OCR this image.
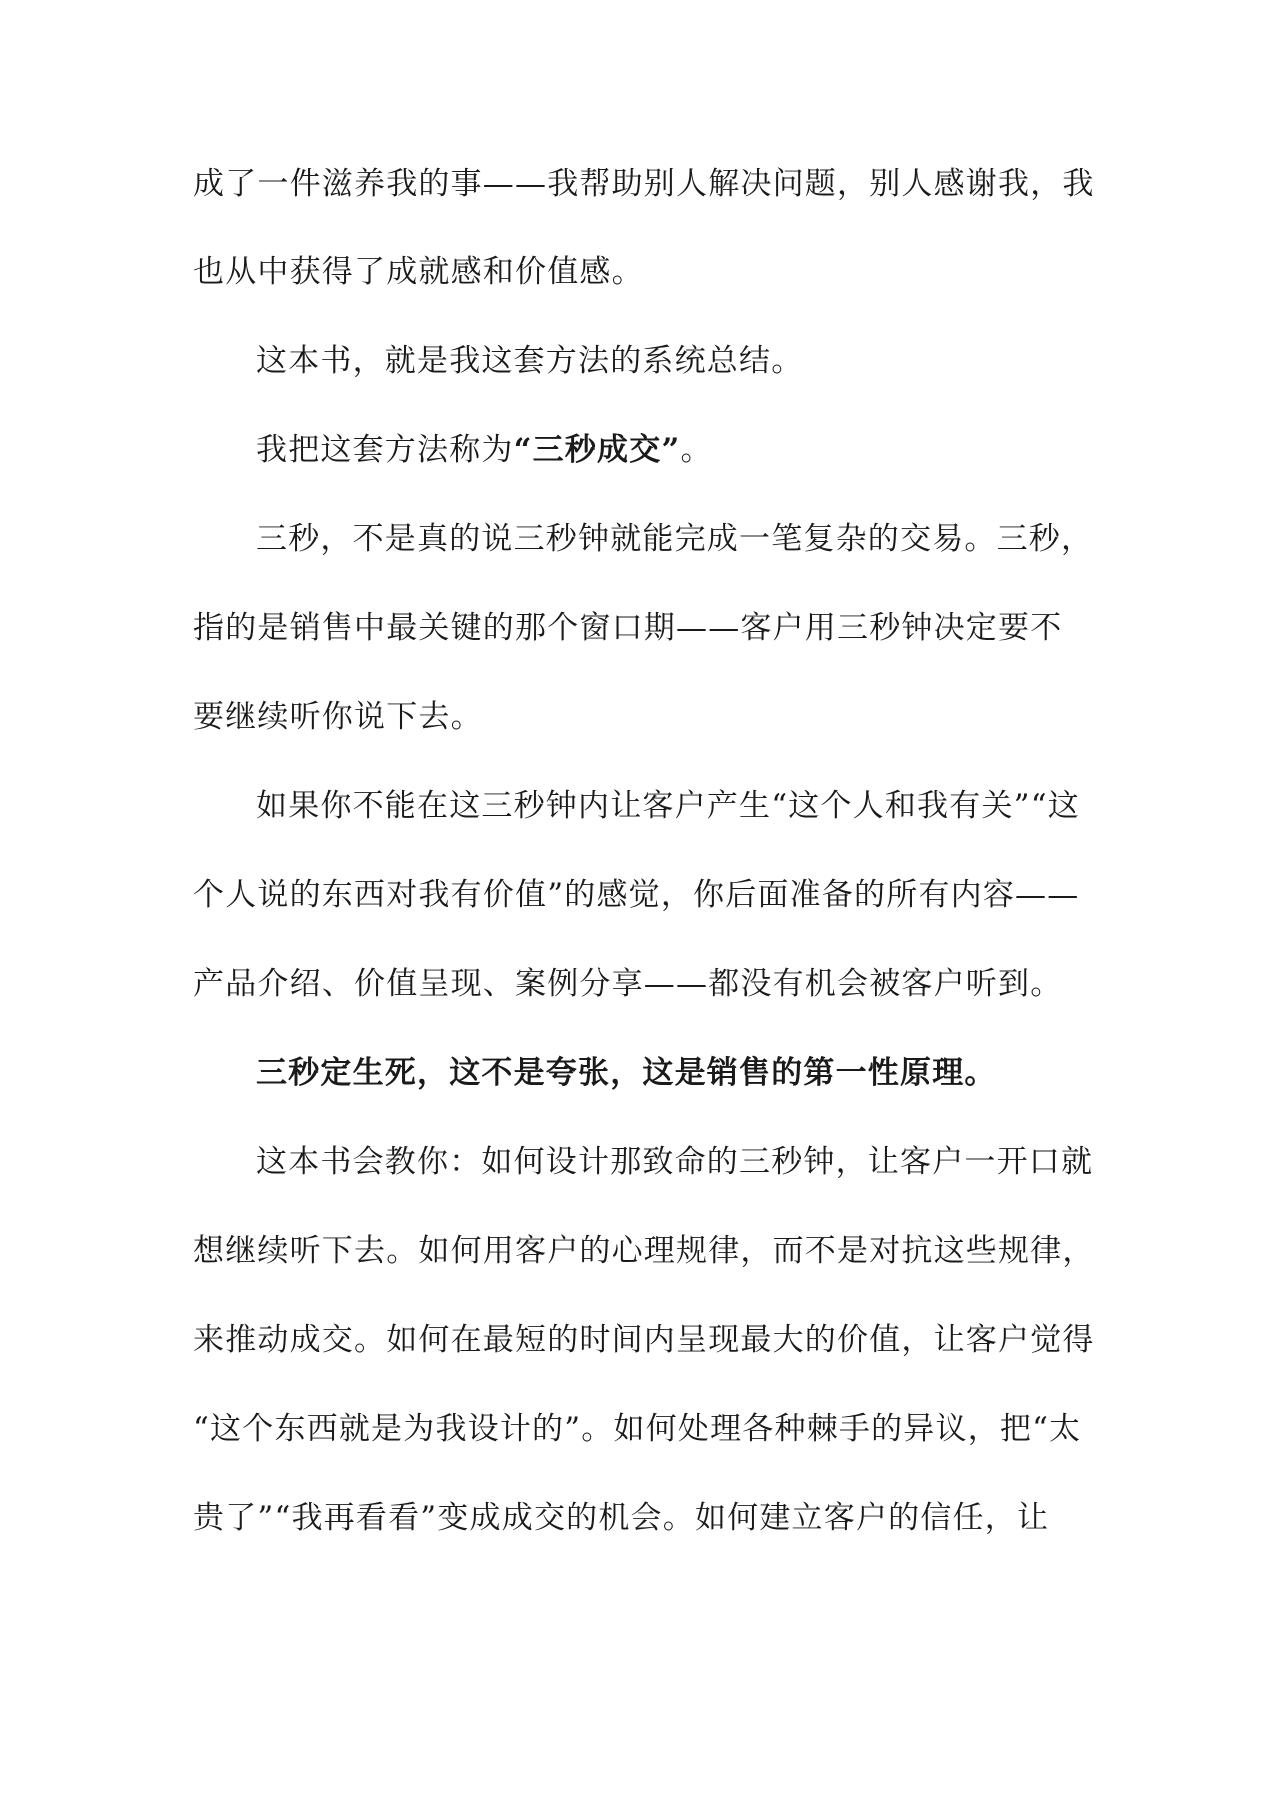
成了一件滋养我的事——我帮助别人解决问题，别人感谢我，我
也从中获得了成就感和价值感。
这本书，就是我这套方法的系统总结。
我把这套方法称为“三秒成交”。
三秒，不是真的说三秒钟就能完成一笔复杂的交易。三秒，
指的是销售中最关键的那个窗口期——客户用三秒钟决定要不
要继续听你说下去。
如果你不能在这三秒钟内让客户产生“这个人和我有关”“这
个人说的东西对我有价值”的感觉，你后面准备的所有内容——
产品介绍、价值呈现、案例分享——都没有机会被客户听到。
三秒定生死，这不是夸张，这是销售的第一性原理。
这本书会教你：如何设计那致命的三秒钟，让客户一开口就
想继续听下去。如何用客户的心理规律，而不是对抗这些规律，
来推动成交。如何在最短的时间内呈现最大的价值，让客户觉得
“这个东西就是为我设计的”。如何处理各种棘手的异议，把“太
贵了”“我再看看”变成成交的机会。如何建立客户的信任，让
